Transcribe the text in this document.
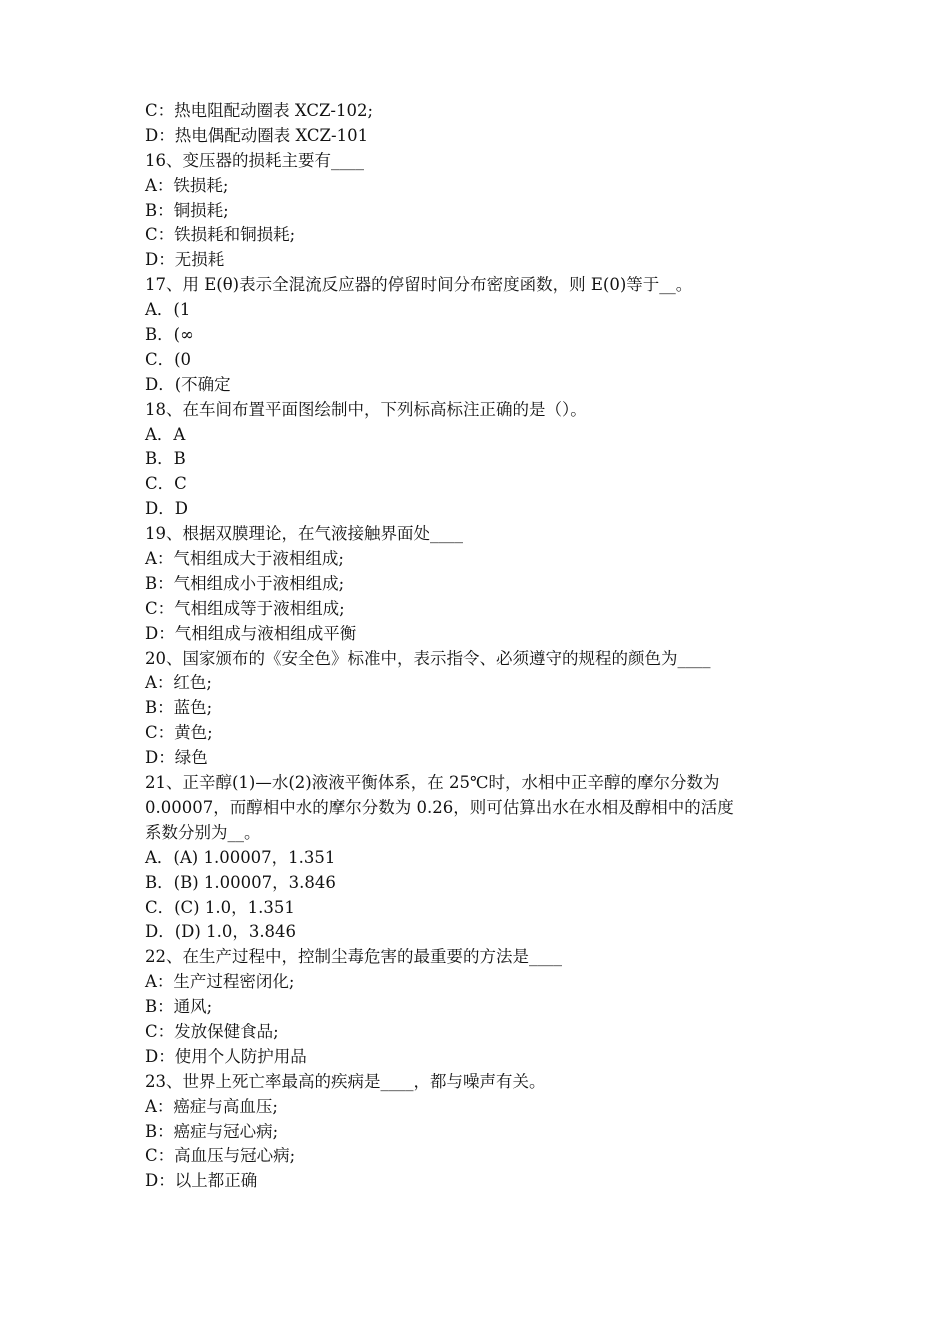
C：热电阻配动圈表 XCZ-102;
D：热电偶配动圈表 XCZ-101
16、变压器的损耗主要有____
A：铁损耗;
B：铜损耗;
C：铁损耗和铜损耗;
D：无损耗
17、用 E(θ)表示全混流反应器的停留时间分布密度函数，则 E(0)等于__。
A．(1
B．(∞
C．(0
D．(不确定
18、在车间布置平面图绘制中，下列标高标注正确的是（）。
A．A
B．B
C．C
D．D
19、根据双膜理论，在气液接触界面处____
A：气相组成大于液相组成;
B：气相组成小于液相组成;
C：气相组成等于液相组成;
D：气相组成与液相组成平衡
20、国家颁布的《安全色》标准中，表示指令、必须遵守的规程的颜色为____
A：红色;
B：蓝色;
C：黄色;
D：绿色
21、正辛醇(1)—水(2)液液平衡体系，在 25℃时，水相中正辛醇的摩尔分数为
0.00007，而醇相中水的摩尔分数为 0.26，则可估算出水在水相及醇相中的活度
系数分别为__。
A．(A) 1.00007，1.351
B．(B) 1.00007，3.846
C．(C) 1.0，1.351
D．(D) 1.0，3.846
22、在生产过程中，控制尘毒危害的最重要的方法是____
A：生产过程密闭化;
B：通风;
C：发放保健食品;
D：使用个人防护用品
23、世界上死亡率最高的疾病是____，都与噪声有关。
A：癌症与高血压;
B：癌症与冠心病;
C：高血压与冠心病;
D：以上都正确
